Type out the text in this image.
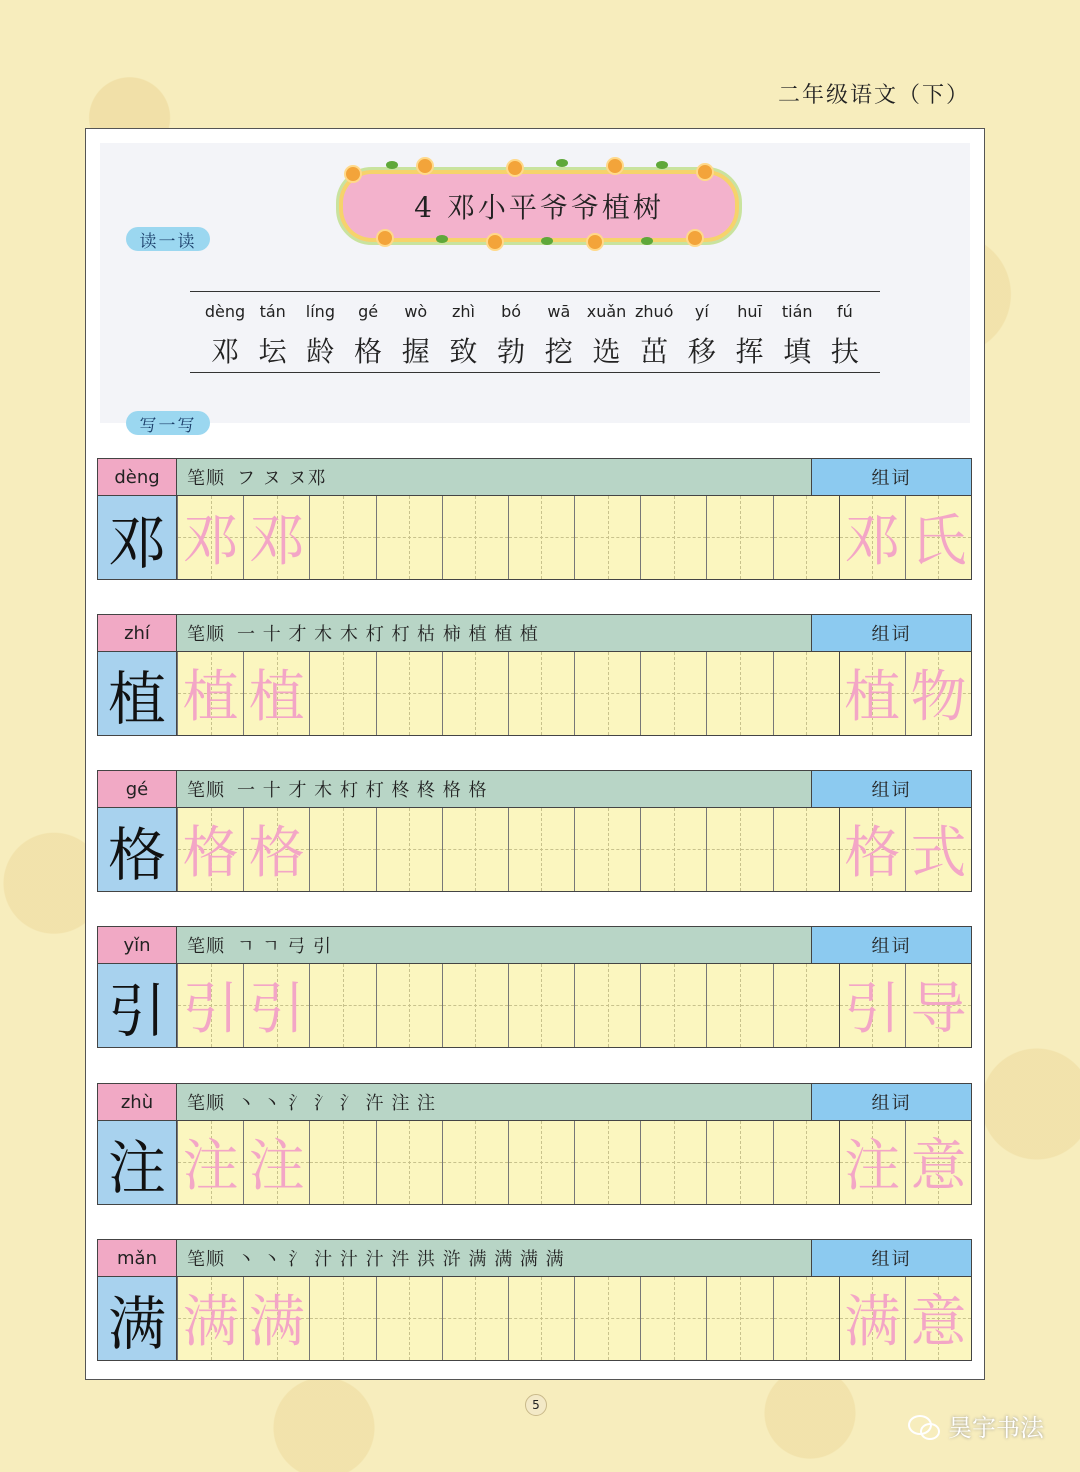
二年级语文（下）
4 邓小平爷爷植树
读一读
dèng tán	líng	gé	wò	zhì	bó	wā	xuǎn zhuó	yí	huī	tián	fú
邓 坛 龄 格 握 致 勃 挖 选 茁 移 挥 填 扶
写一写
dèng
邓
笔顺 フ ヌ ヌ邓	组词
邓 邓	邓 氏
zhí
植
笔顺 一 十 才 木 木 朾 朾 枯 柿 植 植 植	组词
植 植	植 物
gé
格
笔顺 一 十 才 木 朾 朾 柊 柊 格 格	组词
格 格	格 式
yǐn
引
笔顺 ㄱ ㄱ 弓 引	组词
引 引	引 导
zhù
注
笔顺 丶 丶 氵 氵 氵 汻 注 注	组词
注 注	注 意
mǎn
满
笔顺 丶 丶 氵 汁 汁 汁 汼 洪 浒 满 满 满 满	组词
满 满	满 意
5
昊宇书法
